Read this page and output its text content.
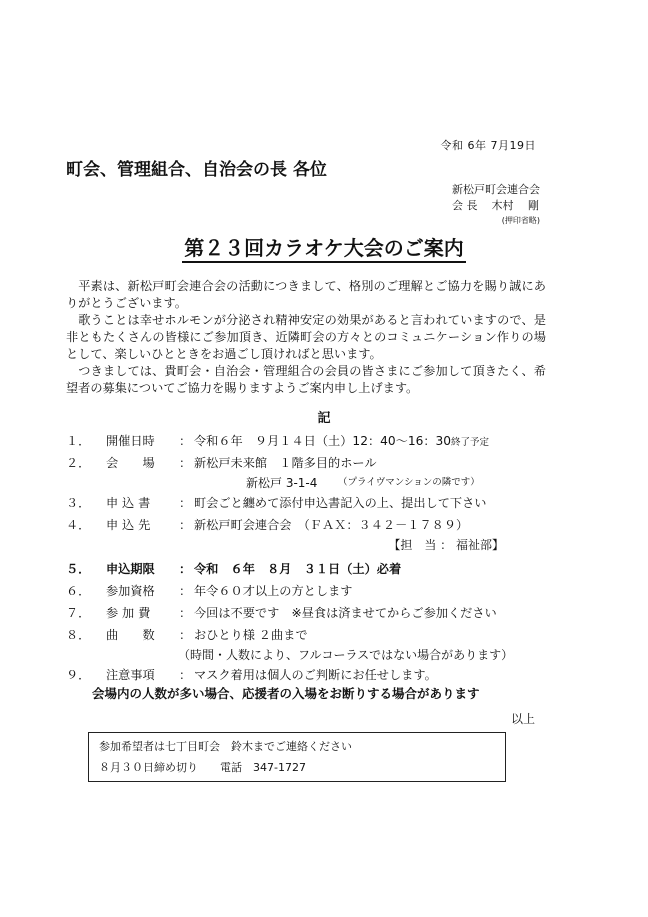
令和 6年 7月19日
町会、管理組合、自治会の長 各位
新松戸町会連合会
会 長 木村　 剛
(押印省略)
第２３回カラオケ大会のご案内

平素は、新松戸町会連合会の活動につきまして、格別のご理解とご協力を賜り誠にありがとうございます。

歌うことは幸せホルモンが分泌され精神安定の効果があると言われていますので、是非ともたくさんの皆様にご参加頂き、近隣町会の方々とのコミュニケーション作りの場として、楽しいひとときをお過ごし頂ければと思います。

つきましては、貴町会・自治会・管理組合の会員の皆さまにご参加して頂きたく、希望者の募集についてご協力を賜りますようご案内申し上げます。

記
１．	開催日時	： 令和６年　９月１４日（土）12：40～16：30終了予定
２．	会　　場	： 新松戸未来館　１階多目的ホール
新松戸 3-1-4 （プライヴマンションの隣です）
３．	申 込 書	： 町会ごと纏めて添付申込書記入の上、提出して下さい
４．	申 込 先	： 新松戸町会連合会　（ＦＡＸ：３４２－１７８９）
【担　当 ： 福祉部】
５．	申込期限	： 令和　６年　８月　３１日（土）必着
６．	参加資格	： 年令６０才以上の方とします
７．	参 加 費	： 今回は不要です　※昼食は済ませてからご参加ください
８．	曲　　数	： おひとり様 ２曲まで
（時間・人数により、フルコーラスではない場合があります）
９．	注意事項	： マスク着用は個人のご判断にお任せします。
会場内の人数が多い場合、応援者の入場をお断りする場合があります
以上
参加希望者は七丁目町会　鈴木までご連絡ください
８月３０日締め切り　　電話　347-1727
